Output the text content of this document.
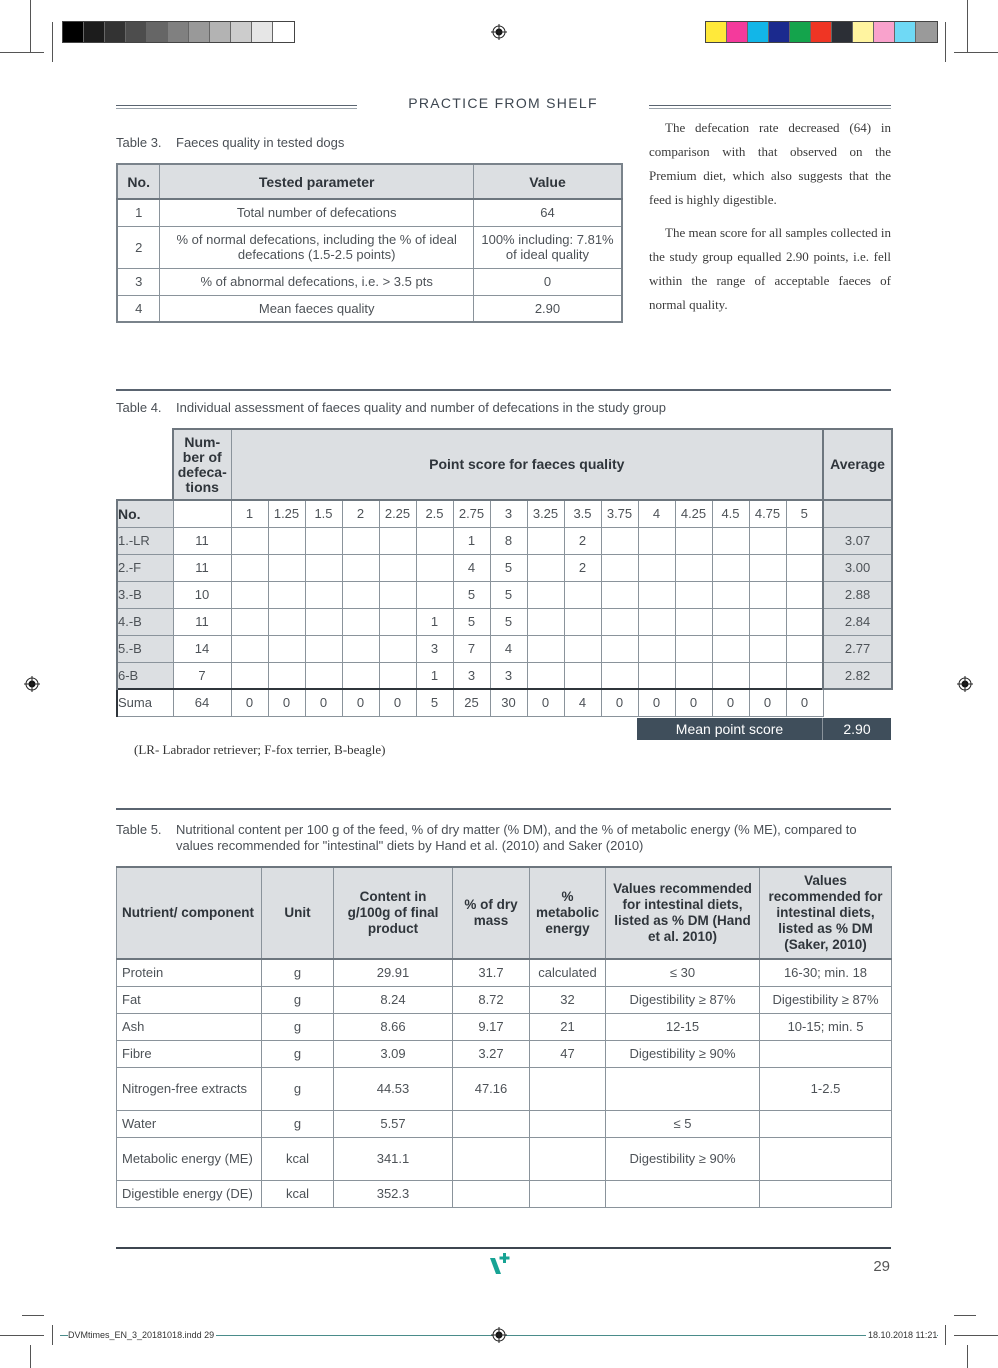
PRACTICE FROM SHELF
Table 3. Faeces quality in tested dogs
No.	Tested parameter	Value
1	Total number of defecations	64
2	% of normal defecations, including the % of ideal defecations (1.5-2.5 points)	100% including: 7.81% of ideal quality
3	% of abnormal defecations, i.e. > 3.5 pts	0
4	Mean faeces quality	2.90

The defecation rate decreased (64) in comparison with that observed on the Premium diet, which also suggests that the feed is highly digestible.

The mean score for all samples collected in the study group equalled 2.90 points, i.e. fell within the range of acceptable faeces of normal quality.

Table 4. Individual assessment of faeces quality and number of defecations in the study group
	Num-ber of defeca-tions	Point score for faeces quality																Average
No.		1	1.25	1.5	2	2.25	2.5	2.75	3	3.25	3.5	3.75	4	4.25	4.5	4.75	5	
1.-LR	11							1	8		2							3.07
2.-F	11							4	5		2							3.00
3.-B	10							5	5									2.88
4.-B	11						1	5	5									2.84
5.-B	14						3	7	4									2.77
6-B	7						1	3	3									2.82
Suma	64	0	0	0	0	0	5	25	30	0	4	0	0	0	0	0	0	
Mean point score	2.90
(LR- Labrador retriever; F-fox terrier, B-beagle)
Table 5.	Nutritional content per 100 g of the feed, % of dry matter (% DM), and the % of metabolic energy (% ME), compared to values recommended for "intestinal" diets by Hand et al. (2010) and Saker (2010)
Nutrient/ component	Unit	Content in g/100g of final product	% of dry mass	% metabolic energy	Values recommended for intestinal diets, listed as % DM (Hand et al. 2010)	Values recommended for intestinal diets, listed as % DM (Saker, 2010)
Protein	g	29.91	31.7	calculated	≤ 30	16-30; min. 18
Fat	g	8.24	8.72	32	Digestibility ≥ 87%	Digestibility ≥ 87%
Ash	g	8.66	9.17	21	12-15	10-15; min. 5
Fibre	g	3.09	3.27	47	Digestibility ≥ 90%	
Nitrogen-free extracts	g	44.53	47.16			1-2.5
Water	g	5.57			≤ 5	
Metabolic energy (ME)	kcal	341.1			Digestibility ≥ 90%	
Digestible energy (DE)	kcal	352.3				
29
DVMtimes_EN_3_20181018.indd 29	18.10.2018 11:21
